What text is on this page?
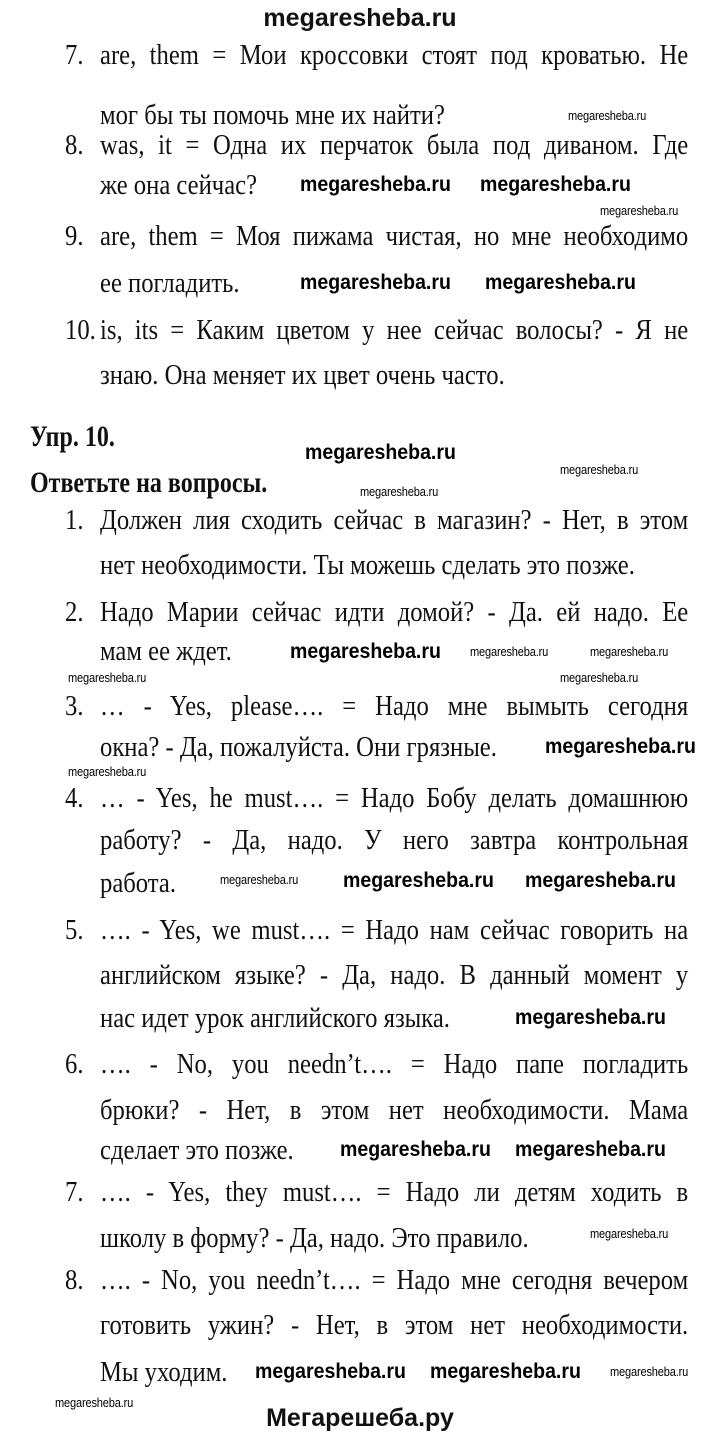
megaresheba.ru
Мегарешеба.ру
Упр. 10.
Ответьте на вопросы.
7. are, them = Мои кроссовки стоят под кроватью. Не
мог бы ты помочь мне их найти?
8. was, it = Одна их перчаток была под диваном. Где
же она сейчас?
9. are, them = Моя пижама чистая, но мне необходимо
ее погладить.
10. is, its = Каким цветом у нее сейчас волосы? - Я не
знаю. Она меняет их цвет очень часто.
1. Должен лия сходить сейчас в магазин? - Нет, в этом
нет необходимости. Ты можешь сделать это позже.
2. Надо Марии сейчас идти домой? - Да. ей надо. Ее
мам ее ждет.
3. … - Yes, please…. = Надо мне вымыть сегодня
окна? - Да, пожалуйста. Они грязные.
4. … - Yes, he must…. = Надо Бобу делать домашнюю
работу? - Да, надо. У него завтра контрольная
работа.
5. …. - Yes, we must…. = Надо нам сейчас говорить на
английском языке? - Да, надо. В данный момент у
нас идет урок английского языка.
6. …. - No, you needn’t…. = Надо папе погладить
брюки? - Нет, в этом нет необходимости. Мама
сделает это позже.
7. …. - Yes, they must…. = Надо ли детям ходить в
школу в форму? - Да, надо. Это правило.
8. …. - No, you needn’t…. = Надо мне сегодня вечером
готовить ужин? - Нет, в этом нет необходимости.
Мы уходим.
megaresheba.ru
megaresheba.ru megaresheba.ru
megaresheba.ru
megaresheba.ru megaresheba.ru
megaresheba.ru
megaresheba.ru
megaresheba.ru
megaresheba.ru megaresheba.ru	megaresheba.ru
megaresheba.ru	megaresheba.ru
megaresheba.ru
megaresheba.ru
megaresheba.ru megaresheba.ru megaresheba.ru
megaresheba.ru
megaresheba.ru megaresheba.ru
megaresheba.ru
megaresheba.ru megaresheba.ru megaresheba.ru
megaresheba.ru
